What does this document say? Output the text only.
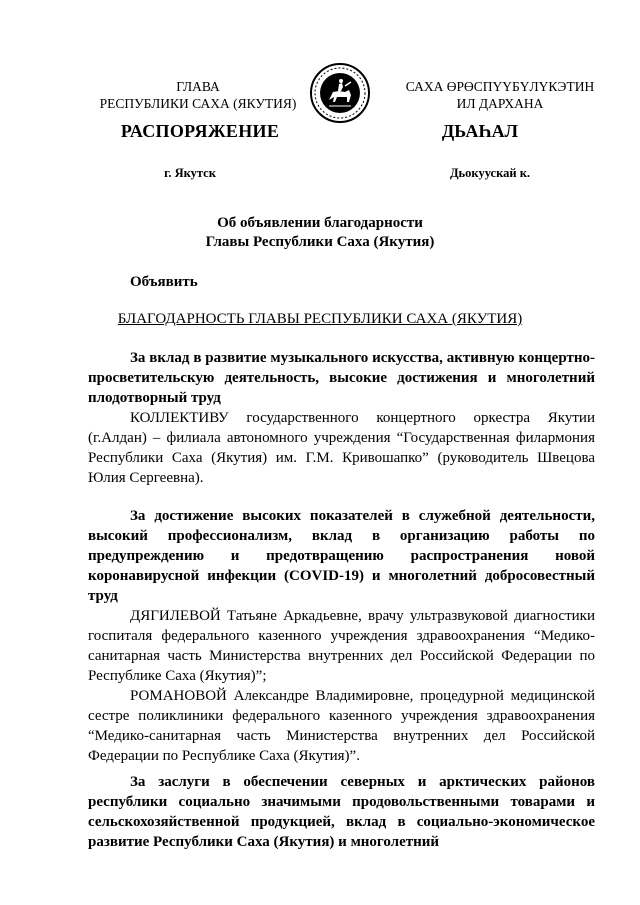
ГЛАВА
РЕСПУБЛИКИ САХА (ЯКУТИЯ)
САХА ӨРӨСПҮҮБҮЛҮКЭТИН
ИЛ ДАРХАНА
РАСПОРЯЖЕНИЕ	ДЬАҺАЛ
г. Якутск	Дьокуускай к.
Об объявлении благодарности
Главы Республики Саха (Якутия)
Объявить
БЛАГОДАРНОСТЬ ГЛАВЫ РЕСПУБЛИКИ САХА (ЯКУТИЯ)

За вклад в развитие музыкального искусства, активную концертно-просветительскую деятельность, высокие достижения и многолетний плодотворный труд

КОЛЛЕКТИВУ государственного концертного оркестра Якутии (г.Алдан) – филиала автономного учреждения “Государственная филармония Республики Саха (Якутия) им. Г.М. Кривошапко” (руководитель Швецова Юлия Сергеевна).

За достижение высоких показателей в служебной деятельности, высокий профессионализм, вклад в организацию работы по предупреждению и предотвращению распространения новой коронавирусной инфекции (COVID-19) и многолетний добросовестный труд

ДЯГИЛЕВОЙ Татьяне Аркадьевне, врачу ультразвуковой диагностики госпиталя федерального казенного учреждения здравоохранения “Медико-санитарная часть Министерства внутренних дел Российской Федерации по Республике Саха (Якутия)”;

РОМАНОВОЙ Александре Владимировне, процедурной медицинской сестре поликлиники федерального казенного учреждения здравоохранения “Медико-санитарная часть Министерства внутренних дел Российской Федерации по Республике Саха (Якутия)”.

За заслуги в обеспечении северных и арктических районов республики социально значимыми продовольственными товарами и сельскохозяйственной продукцией, вклад в социально-экономическое развитие Республики Саха (Якутия) и многолетний
